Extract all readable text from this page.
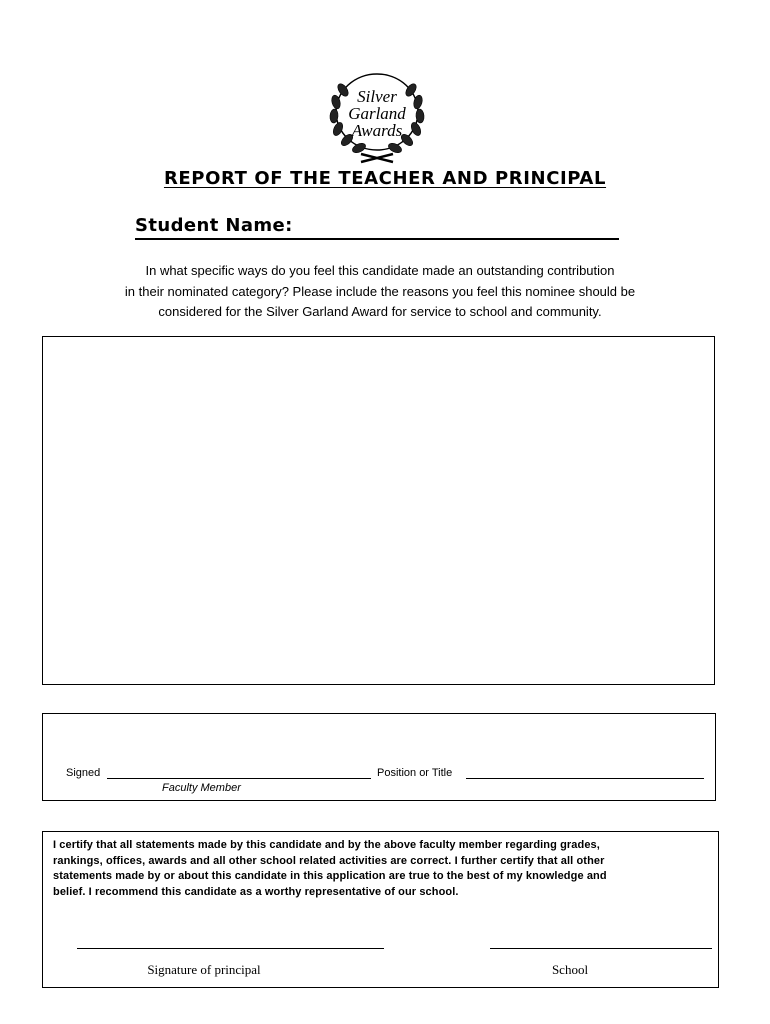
Silver
Garland
Awards
REPORT OF THE TEACHER AND PRINCIPAL
Student Name:
In what specific ways do you feel this candidate made an outstanding contribution
in their nominated category? Please include the reasons you feel this nominee should be
considered for the Silver Garland Award for service to school and community.
Signed	Position or Title
Faculty Member
I certify that all statements made by this candidate and by the above faculty member regarding grades,
rankings, offices, awards and all other school related activities are correct. I further certify that all other
statements made by or about this candidate in this application are true to the best of my knowledge and
belief. I recommend this candidate as a worthy representative of our school.
Signature of principal	School
